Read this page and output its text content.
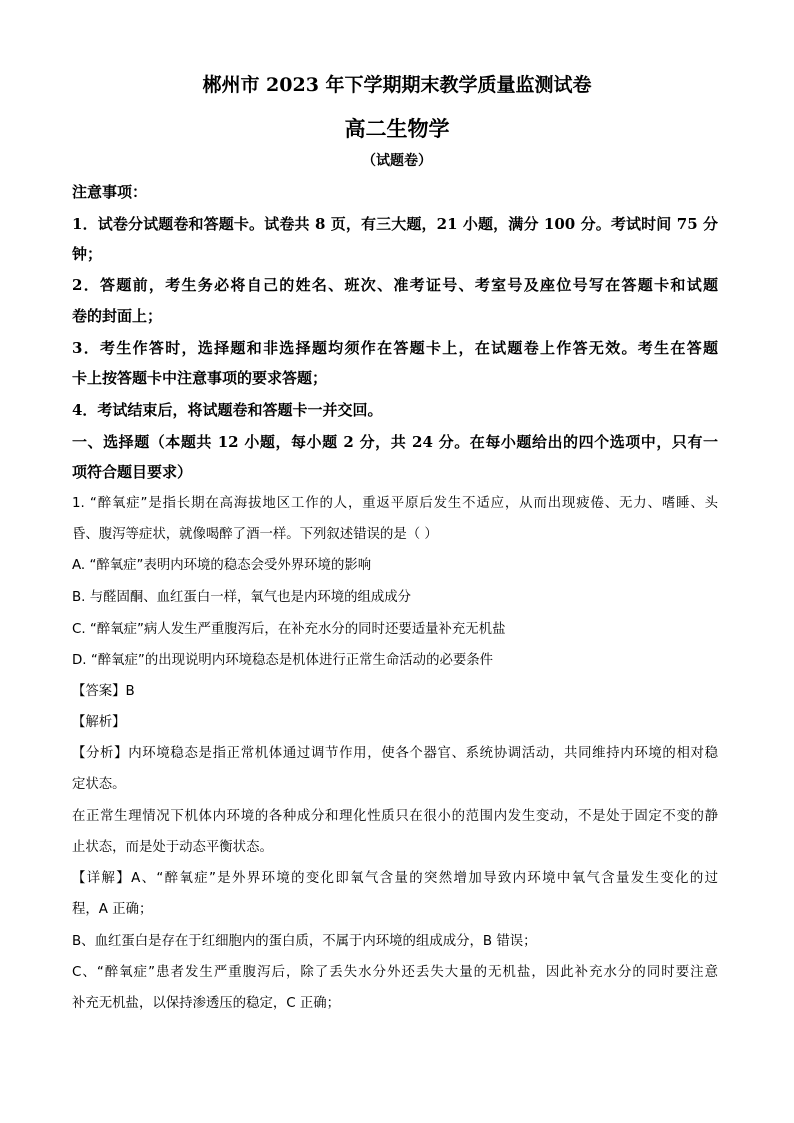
郴州市 2023 年下学期期末教学质量监测试卷
高二生物学
（试题卷）
注意事项：
1．试卷分试题卷和答题卡。试卷共 8 页，有三大题，21 小题，满分 100 分。考试时间 75 分
钟；
2．答题前，考生务必将自己的姓名、班次、准考证号、考室号及座位号写在答题卡和试题
卷的封面上；
3．考生作答时，选择题和非选择题均须作在答题卡上，在试题卷上作答无效。考生在答题
卡上按答题卡中注意事项的要求答题；
4．考试结束后，将试题卷和答题卡一并交回。
一、选择题（本题共 12 小题，每小题 2 分，共 24 分。在每小题给出的四个选项中，只有一
项符合题目要求）
1. “醉氧症”是指长期在高海拔地区工作的人，重返平原后发生不适应，从而出现疲倦、无力、嗜睡、头
昏、腹泻等症状，就像喝醉了酒一样。下列叙述错误的是（ ）
A. “醉氧症”表明内环境的稳态会受外界环境的影响
B. 与醛固酮、血红蛋白一样，氧气也是内环境的组成成分
C. “醉氧症”病人发生严重腹泻后，在补充水分的同时还要适量补充无机盐
D. “醉氧症”的出现说明内环境稳态是机体进行正常生命活动的必要条件
【答案】B
【解析】
【分析】内环境稳态是指正常机体通过调节作用，使各个器官、系统协调活动，共同维持内环境的相对稳
定状态。
在正常生理情况下机体内环境的各种成分和理化性质只在很小的范围内发生变动，不是处于固定不变的静
止状态，而是处于动态平衡状态。
【详解】A、“醉氧症”是外界环境的变化即氧气含量的突然增加导致内环境中氧气含量发生变化的过
程，A 正确；
B、血红蛋白是存在于红细胞内的蛋白质，不属于内环境的组成成分，B 错误；
C、“醉氧症”患者发生严重腹泻后，除了丢失水分外还丢失大量的无机盐，因此补充水分的同时要注意
补充无机盐，以保持渗透压的稳定，C 正确；
